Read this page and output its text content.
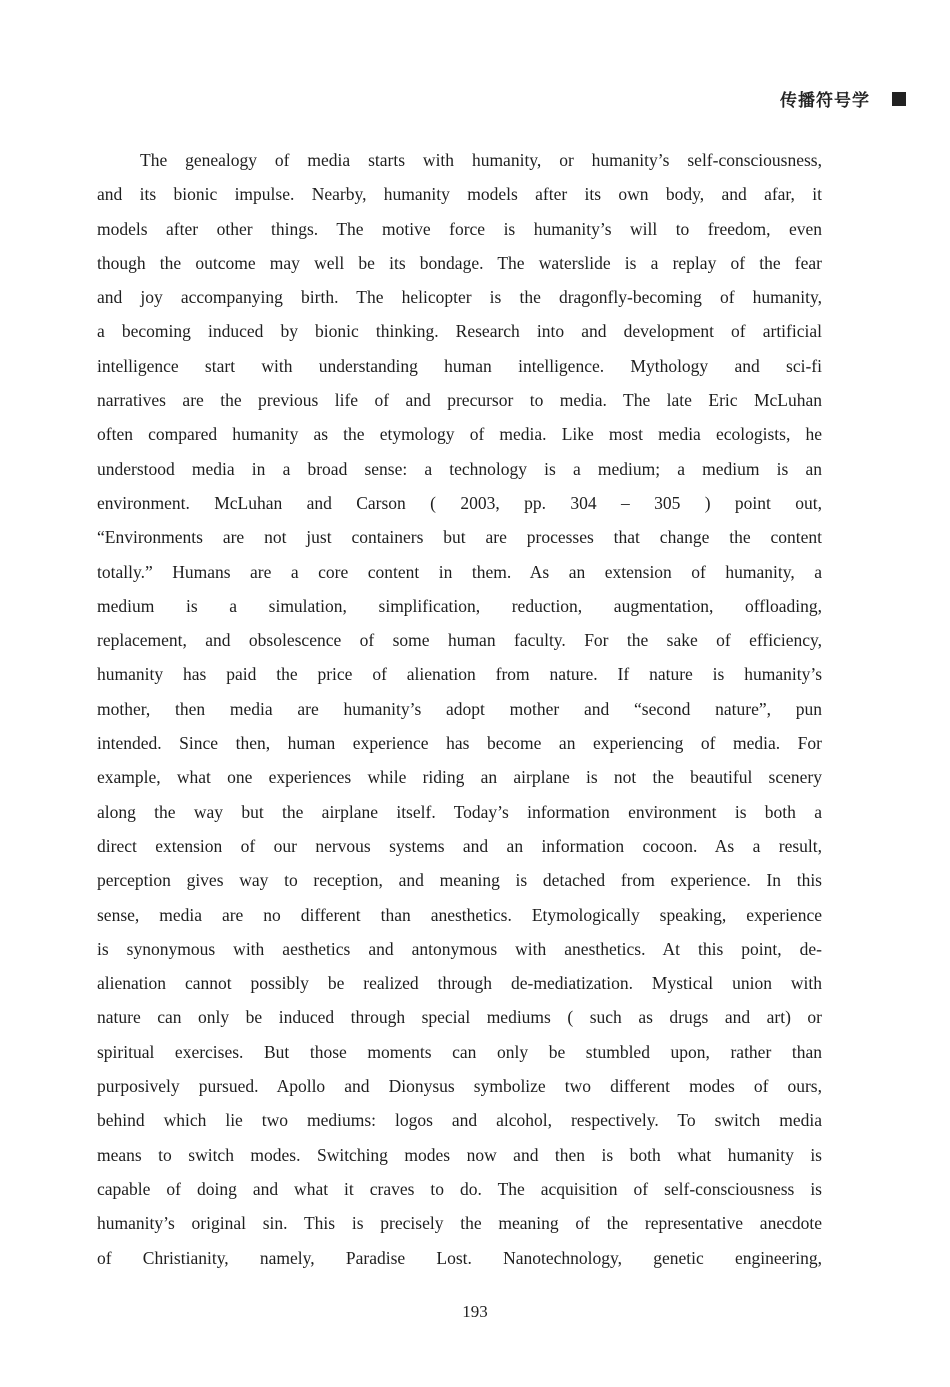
传播符号学
The genealogy of media starts with humanity, or humanity’s self-consciousness,
and its bionic impulse. Nearby, humanity models after its own body, and afar, it
models after other things. The motive force is humanity’s will to freedom, even
though the outcome may well be its bondage. The waterslide is a replay of the fear
and joy accompanying birth. The helicopter is the dragonfly-becoming of humanity,
a becoming induced by bionic thinking. Research into and development of artificial
intelligence start with understanding human intelligence. Mythology and sci-fi
narratives are the previous life of and precursor to media. The late Eric McLuhan
often compared humanity as the etymology of media. Like most media ecologists, he
understood media in a broad sense: a technology is a medium; a medium is an
environment. McLuhan and Carson ( 2003, pp. 304 – 305 ) point out,
“Environments are not just containers but are processes that change the content
totally.” Humans are a core content in them. As an extension of humanity, a
medium is a simulation, simplification, reduction, augmentation, offloading,
replacement, and obsolescence of some human faculty. For the sake of efficiency,
humanity has paid the price of alienation from nature. If nature is humanity’s
mother, then media are humanity’s adopt mother and “second nature”, pun
intended. Since then, human experience has become an experiencing of media. For
example, what one experiences while riding an airplane is not the beautiful scenery
along the way but the airplane itself. Today’s information environment is both a
direct extension of our nervous systems and an information cocoon. As a result,
perception gives way to reception, and meaning is detached from experience. In this
sense, media are no different than anesthetics. Etymologically speaking, experience
is synonymous with aesthetics and antonymous with anesthetics. At this point, de-
alienation cannot possibly be realized through de-mediatization. Mystical union with
nature can only be induced through special mediums ( such as drugs and art) or
spiritual exercises. But those moments can only be stumbled upon, rather than
purposively pursued. Apollo and Dionysus symbolize two different modes of ours,
behind which lie two mediums: logos and alcohol, respectively. To switch media
means to switch modes. Switching modes now and then is both what humanity is
capable of doing and what it craves to do. The acquisition of self-consciousness is
humanity’s original sin. This is precisely the meaning of the representative anecdote
of Christianity, namely, Paradise Lost. Nanotechnology, genetic engineering,
193
